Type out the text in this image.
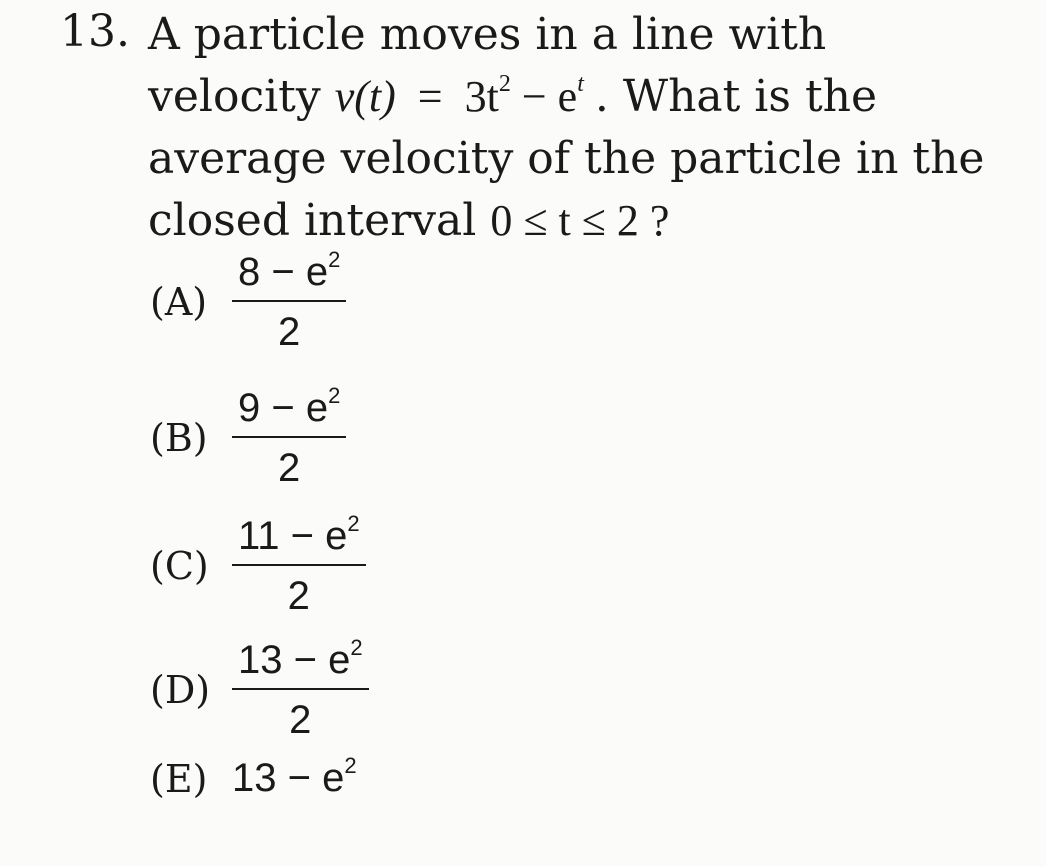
13. A particle moves in a line with
velocity $v(t) = 3t^2 - e^t$ . What is the
average velocity of the particle in the
closed interval 0 ≤ t ≤ 2 ?
$(A) \frac{8 - e^2}{2}$
$(B) \frac{9 - e^2}{2}$
$(C) \frac{11 - e^2}{2}$
$(D) \frac{13 - e^2}{2}$
(E) $13 - e^2$
